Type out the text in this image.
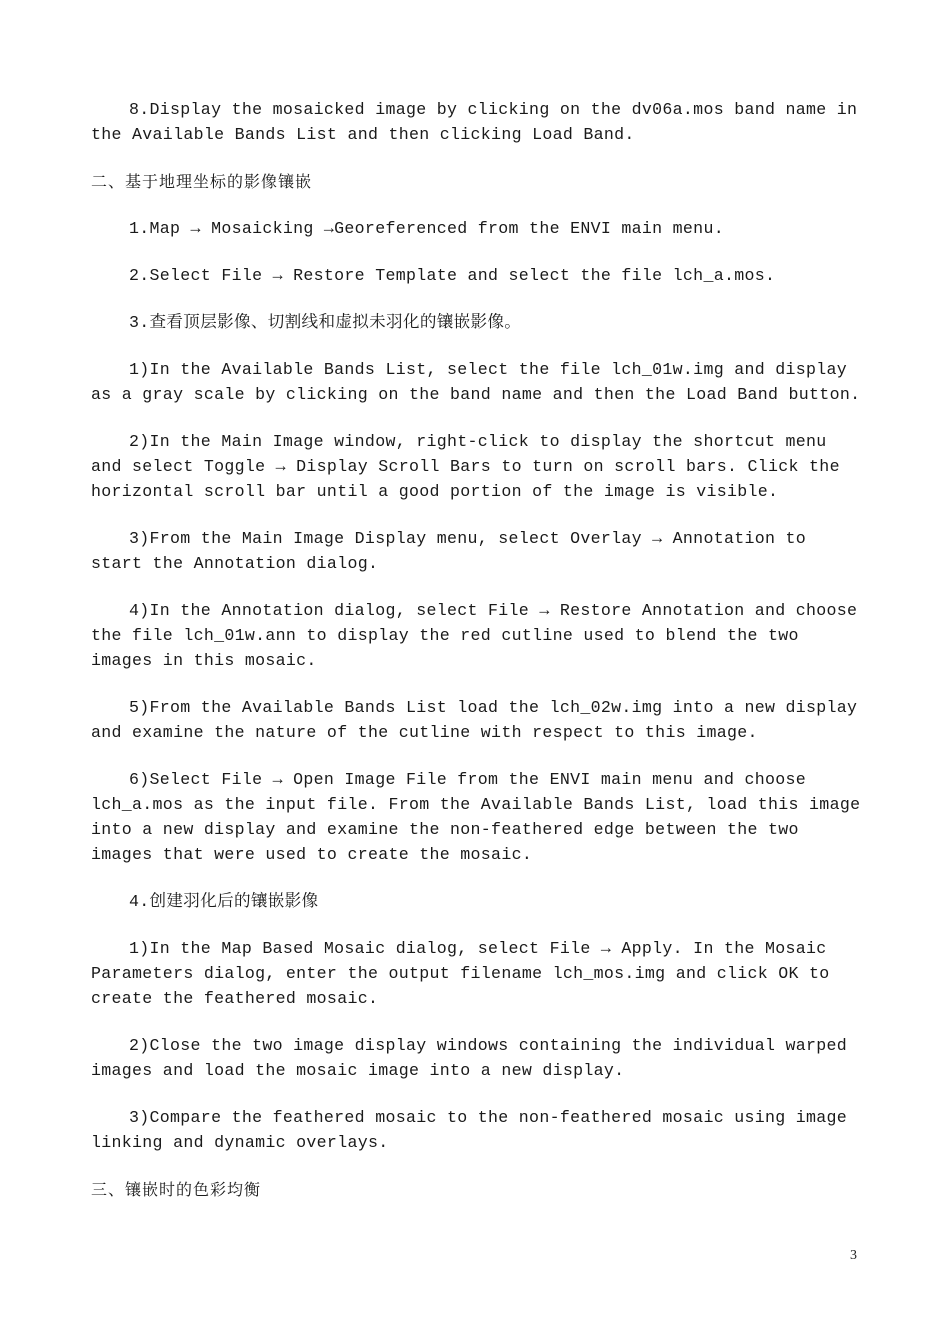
8.Display the mosaicked image by clicking on the dv06a.mos band name in the Available Bands List and then clicking Load Band.

二、基于地理坐标的影像镶嵌

1.Map → Mosaicking →Georeferenced from the ENVI main menu.

2.Select File → Restore Template and select the file lch_a.mos.

3.查看顶层影像、切割线和虚拟未羽化的镶嵌影像。

1)In the Available Bands List, select the file lch_01w.img and display as a gray scale by clicking on the band name and then the Load Band button.

2)In the Main Image window, right-click to display the shortcut menu and select Toggle → Display Scroll Bars to turn on scroll bars. Click the horizontal scroll bar until a good portion of the image is visible.

3)From the Main Image Display menu, select Overlay → Annotation to start the Annotation dialog.

4)In the Annotation dialog, select File → Restore Annotation and choose the file lch_01w.ann to display the red cutline used to blend the two images in this mosaic.

5)From the Available Bands List load the lch_02w.img into a new display and examine the nature of the cutline with respect to this image.

6)Select File → Open Image File from the ENVI main menu and choose lch_a.mos as the input file. From the Available Bands List, load this image into a new display and examine the non-feathered edge between the two images that were used to create the mosaic.

4.创建羽化后的镶嵌影像

1)In the Map Based Mosaic dialog, select File → Apply. In the Mosaic Parameters dialog, enter the output filename lch_mos.img and click OK to create the feathered mosaic.

2)Close the two image display windows containing the individual warped images and load the mosaic image into a new display.

3)Compare the feathered mosaic to the non-feathered mosaic using image linking and dynamic overlays.

三、镶嵌时的色彩均衡

3
